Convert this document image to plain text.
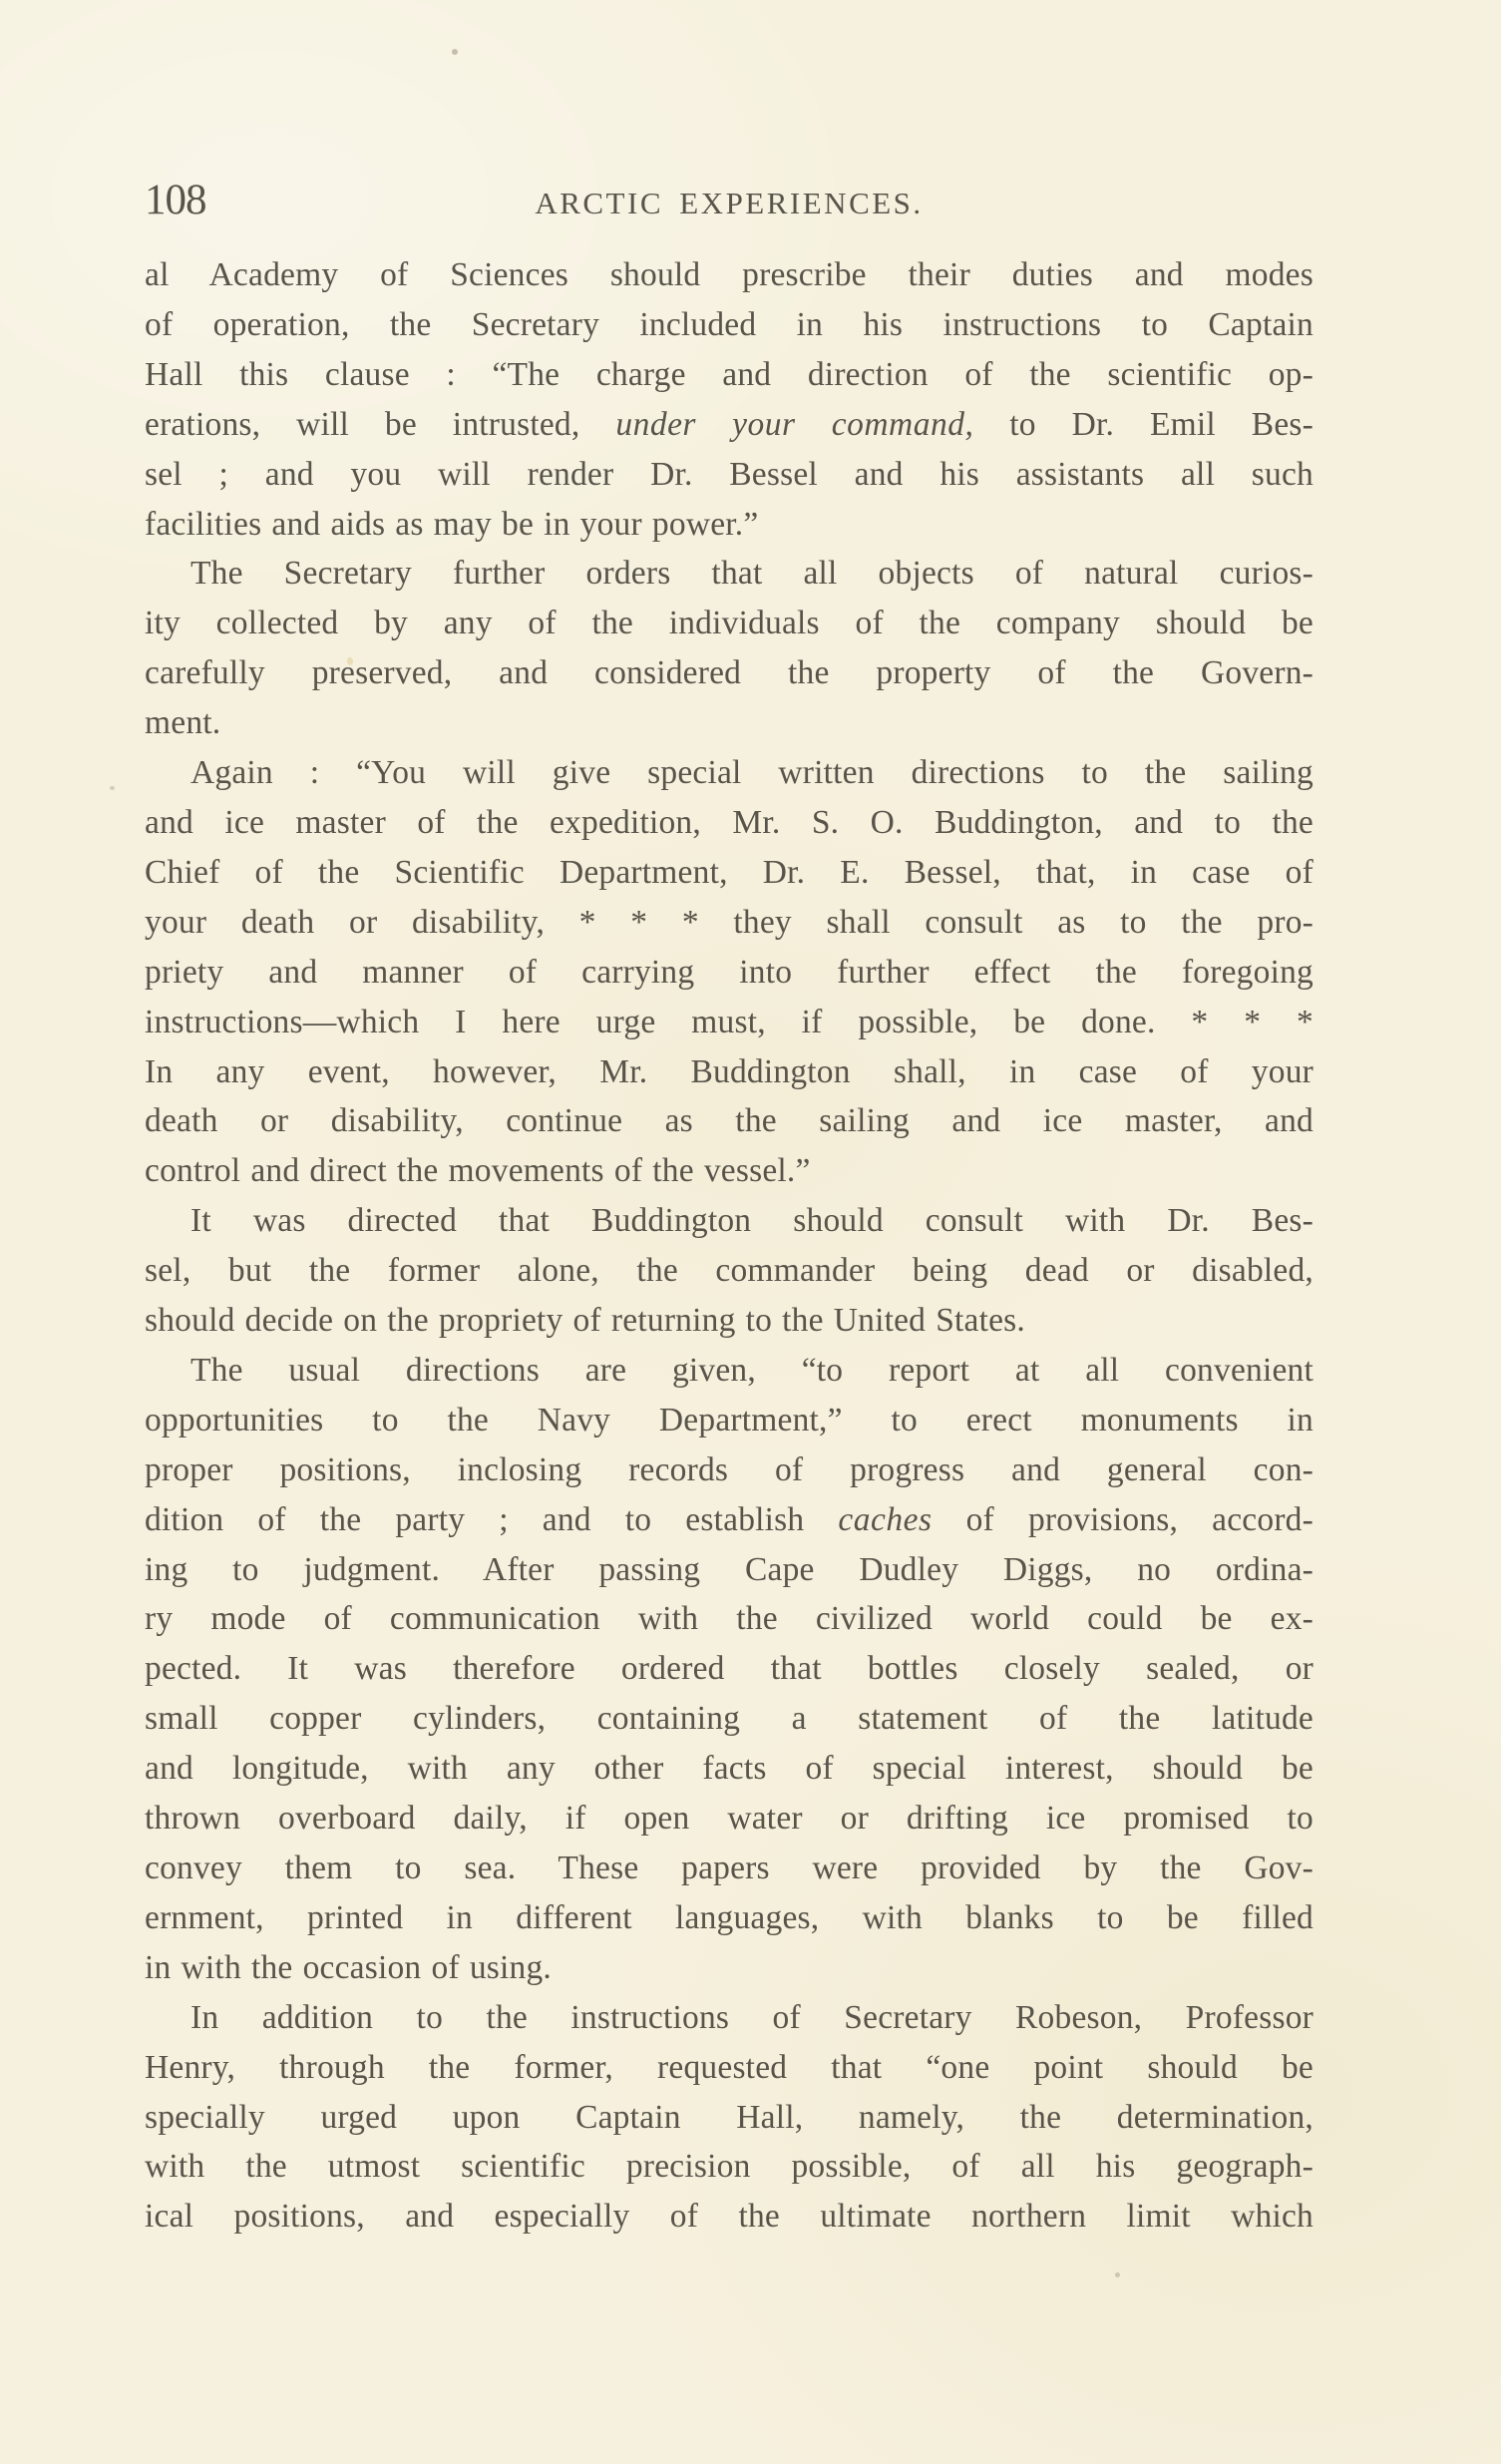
108	ARCTIC EXPERIENCES.
al Academy of Sciences should prescribe their duties and modes
of operation, the Secretary included in his instructions to Captain
Hall this clause : “The charge and direction of the scientific op-
erations, will be intrusted, under your command, to Dr. Emil Bes-
sel ; and you will render Dr. Bessel and his assistants all such
facilities and aids as may be in your power.”
The Secretary further orders that all objects of natural curios-
ity collected by any of the individuals of the company should be
carefully preserved, and considered the property of the Govern-
ment.
Again : “You will give special written directions to the sailing
and ice master of the expedition, Mr. S. O. Buddington, and to the
Chief of the Scientific Department, Dr. E. Bessel, that, in case of
your death or disability, * * * they shall consult as to the pro-
priety and manner of carrying into further effect the foregoing
instructions—which I here urge must, if possible, be done. * * *
In any event, however, Mr. Buddington shall, in case of your
death or disability, continue as the sailing and ice master, and
control and direct the movements of the vessel.”
It was directed that Buddington should consult with Dr. Bes-
sel, but the former alone, the commander being dead or disabled,
should decide on the propriety of returning to the United States.
The usual directions are given, “to report at all convenient
opportunities to the Navy Department,” to erect monuments in
proper positions, inclosing records of progress and general con-
dition of the party ; and to establish caches of provisions, accord-
ing to judgment. After passing Cape Dudley Diggs, no ordina-
ry mode of communication with the civilized world could be ex-
pected. It was therefore ordered that bottles closely sealed, or
small copper cylinders, containing a statement of the latitude
and longitude, with any other facts of special interest, should be
thrown overboard daily, if open water or drifting ice promised to
convey them to sea. These papers were provided by the Gov-
ernment, printed in different languages, with blanks to be filled
in with the occasion of using.
In addition to the instructions of Secretary Robeson, Professor
Henry, through the former, requested that “one point should be
specially urged upon Captain Hall, namely, the determination,
with the utmost scientific precision possible, of all his geograph-
ical positions, and especially of the ultimate northern limit which
